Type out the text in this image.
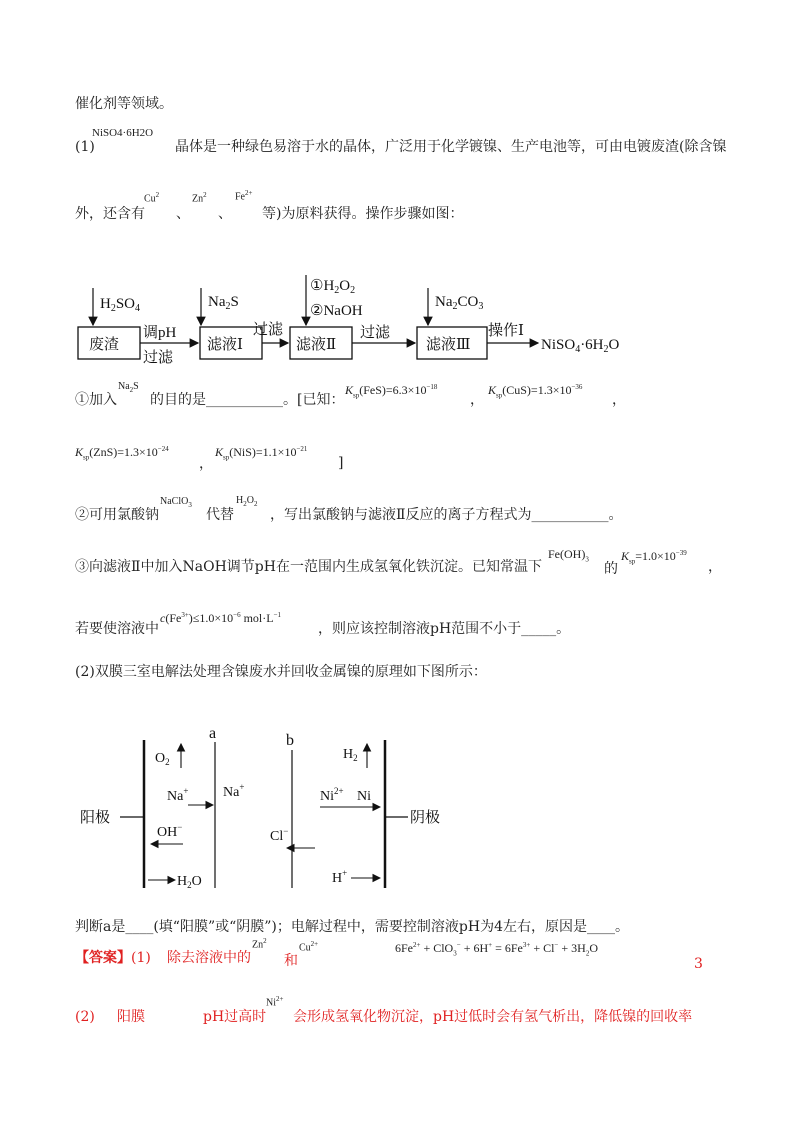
催化剂等领域。
(1)
NiSO4·6H2O
晶体是一种绿色易溶于水的晶体，广泛用于化学镀镍、生产电池等，可由电镀废渣(除含镍
外，还含有
Cu$^2$
、
Zn$^2$
、
$Fe^{2+}$
等)为原料获得。操作步骤如图：
废渣	滤液Ⅰ	滤液Ⅱ	滤液Ⅲ
调pH
过滤
过滤	过滤	操作Ⅰ
$NiSO_4\cdot 6H_2O$
$H_2SO_4$	$Na_2S$
$①H_2O_2$
②NaOH
$Na_2CO_3$
①加入
$Na_2S$
的目的是___________。[已知：
$K_{sp}(FeS)=6.3\times 10^{-18}$
，
$K_{sp}(CuS)=1.3\times 10^{-36}$
，
$K_{sp}(ZnS)=1.3\times 10^{-24}$
，
$K_{sp}(NiS)=1.1\times 10^{-21}$
]
②可用氯酸钠
NaClO$_3$
代替
$H_2O_2$
，写出氯酸钠与滤液Ⅱ反应的离子方程式为___________。
③向滤液Ⅱ中加入NaOH调节pH在一范围内生成氢氧化铁沉淀。已知常温下
$Fe(OH)_3$
的
$K_{sp}=1.0\times 10^{-39}$
，
若要使溶液中
$c(Fe^{3+})\le 1.0\times 10^{-6}$ $mol\cdot L^{-1}$
，则应该控制溶液pH范围不小于_____。
(2)双膜三室电解法处理含镍废水并回收金属镍的原理如下图所示：
a	b
阳极	阴极
$O_2$
Na+
OH−
$H_2O$
Na+
Cl−
$H_2$
$Ni^{2+}$ Ni
H+
判断a是____(填“阳膜”或“阴膜”)；电解过程中，需要控制溶液pH为4左右，原因是____。
【答案】 (1) 除去溶液中的
Zn$^2$
和
$Cu^{2+}$	$6Fe^{2+} + ClO_3^- + 6H^+ = 6Fe^{3+} + Cl^- + 3H_2O$
3
(2) 阳膜	pH过高时
$Ni^{2+}$
会形成氢氧化物沉淀，pH过低时会有氢气析出，降低镍的回收率
